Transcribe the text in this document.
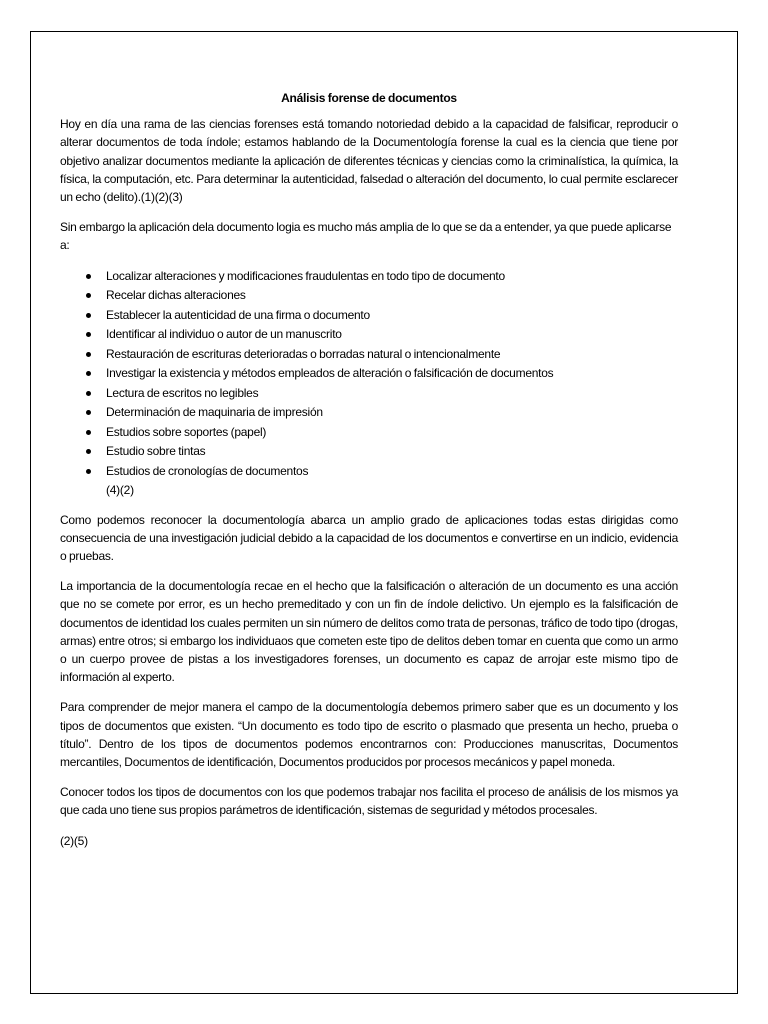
Análisis forense de documentos

Hoy en día una rama de las ciencias forenses está tomando notoriedad debido a la capacidad de falsificar, reproducir o alterar documentos de toda índole; estamos hablando de la Documentología forense la cual es la ciencia que tiene por objetivo analizar documentos mediante la aplicación de diferentes técnicas y ciencias como la criminalística, la química, la física, la computación, etc. Para determinar la autenticidad, falsedad o alteración del documento, lo cual permite esclarecer un echo (delito).(1)(2)(3)

Sin embargo la aplicación dela documento logia es mucho más amplia de lo que se da a entender, ya que puede aplicarse a:

Localizar alteraciones y modificaciones fraudulentas en todo tipo de documento
Recelar dichas alteraciones
Establecer la autenticidad de una firma o documento
Identificar al individuo o autor de un manuscrito
Restauración de escrituras deterioradas o borradas natural o intencionalmente
Investigar la existencia y métodos empleados de alteración o falsificación de documentos
Lectura de escritos no legibles
Determinación de maquinaria de impresión
Estudios sobre soportes (papel)
Estudio sobre tintas
Estudios de cronologías de documentos
(4)(2)

Como podemos reconocer la documentología abarca un amplio grado de aplicaciones todas estas dirigidas como consecuencia de una investigación judicial debido a la capacidad de los documentos e convertirse en un indicio, evidencia o pruebas.

La importancia de la documentología recae en el hecho que la falsificación o alteración de un documento es una acción que no se comete por error, es un hecho premeditado y con un fin de índole delictivo. Un ejemplo es la falsificación de documentos de identidad los cuales permiten un sin número de delitos como trata de personas, tráfico de todo tipo (drogas, armas) entre otros; si embargo los individuaos que cometen este tipo de delitos deben tomar en cuenta que como un armo o un cuerpo provee de pistas a los investigadores forenses, un documento es capaz de arrojar este mismo tipo de información al experto.

Para comprender de mejor manera el campo de la documentología debemos primero saber que es un documento y los tipos de documentos que existen. “Un documento es todo tipo de escrito o plasmado que presenta un hecho, prueba o título”. Dentro de los tipos de documentos podemos encontrarnos con: Producciones manuscritas, Documentos mercantiles, Documentos de identificación, Documentos producidos por procesos mecánicos y papel moneda.

Conocer todos los tipos de documentos con los que podemos trabajar nos facilita el proceso de análisis de los mismos ya que cada uno tiene sus propios parámetros de identificación, sistemas de seguridad y métodos procesales.

(2)(5)
